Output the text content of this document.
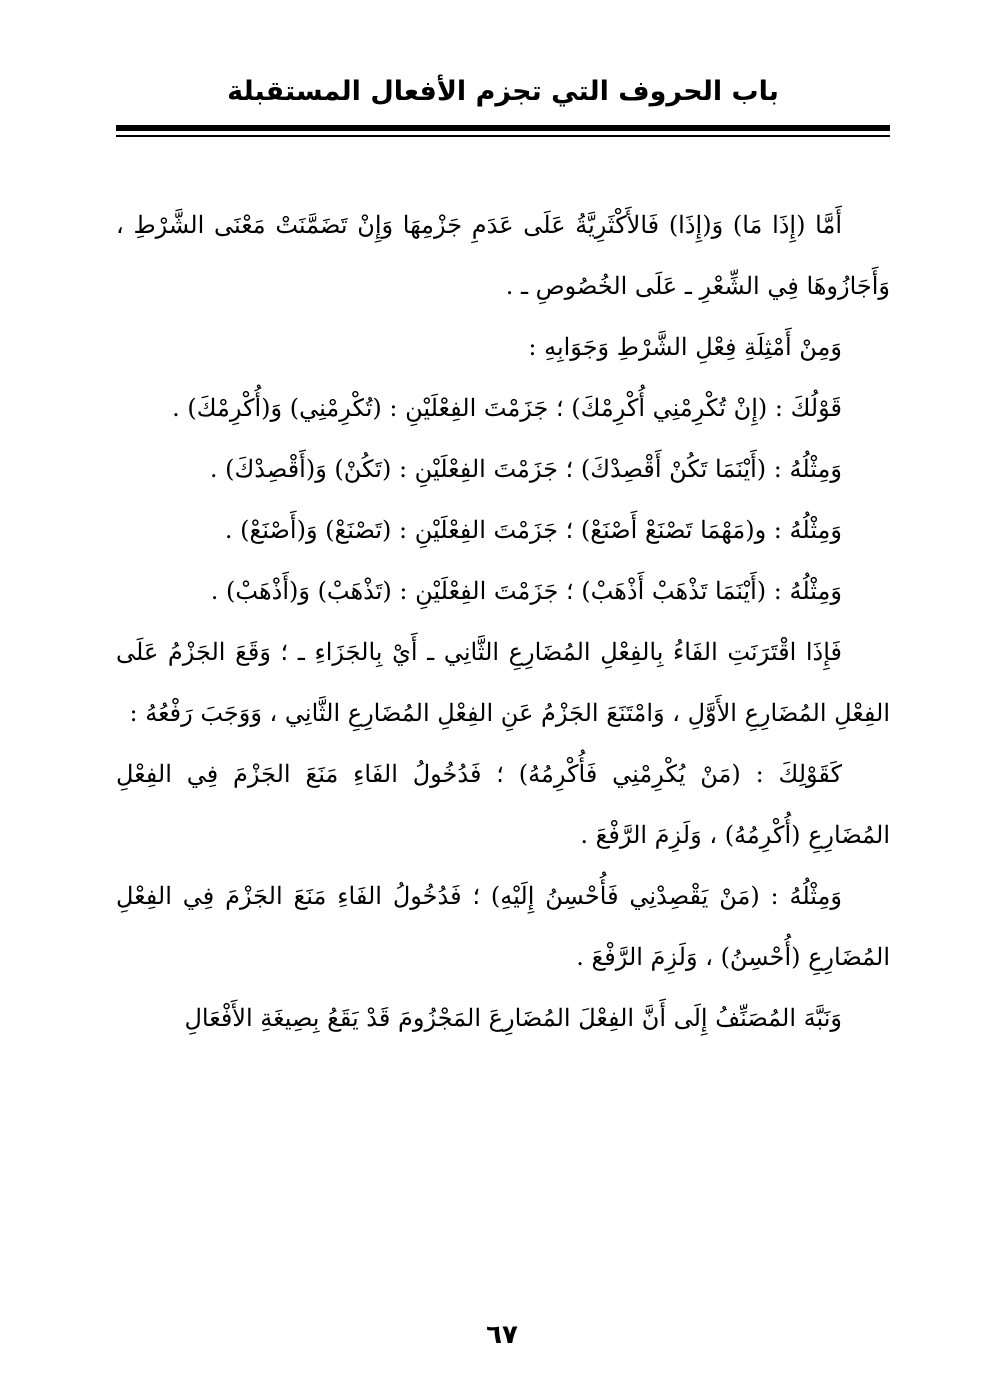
باب الحروف التي تجزم الأفعال المستقبلة

أَمَّا (إِذَا مَا) وَ(إِذَا) فَالأَكْثَرِيَّةُ عَلَى عَدَمِ جَزْمِهَا وَإِنْ تَضَمَّنَتْ مَعْنَى الشَّرْطِ ، وَأَجَازُوهَا فِي الشِّعْرِ ـ عَلَى الخُصُوصِ ـ .

وَمِنْ أَمْثِلَةِ فِعْلِ الشَّرْطِ وَجَوَابِهِ :

قَوْلُكَ : (إِنْ تُكْرِمْنِي أُكْرِمْكَ) ؛ جَزَمْتَ الفِعْلَيْنِ : (تُكْرِمْنِي) وَ(أُكْرِمْكَ) .

وَمِثْلُهُ : (أَيْنَمَا تَكُنْ أَقْصِدْكَ) ؛ جَزَمْتَ الفِعْلَيْنِ : (تَكُنْ) وَ(أَقْصِدْكَ) .

وَمِثْلُهُ : و(مَهْمَا تَصْنَعْ أَصْنَعْ) ؛ جَزَمْتَ الفِعْلَيْنِ : (تَصْنَعْ) وَ(أَصْنَعْ) .

وَمِثْلُهُ : (أَيْنَمَا تَذْهَبْ أَذْهَبْ) ؛ جَزَمْتَ الفِعْلَيْنِ : (تَذْهَبْ) وَ(أَذْهَبْ) .

فَإِذَا اقْتَرَنَتِ الفَاءُ بِالفِعْلِ المُضَارِعِ الثَّانِي ـ أَيْ بِالجَزَاءِ ـ ؛ وَقَعَ الجَزْمُ عَلَى الفِعْلِ المُضَارِعِ الأَوَّلِ ، وَامْتَنَعَ الجَزْمُ عَنِ الفِعْلِ المُضَارِعِ الثَّانِي ، وَوَجَبَ رَفْعُهُ :

كَقَوْلِكَ : (مَنْ يُكْرِمْنِي فَأُكْرِمُهُ) ؛ فَدُخُولُ الفَاءِ مَنَعَ الجَزْمَ فِي الفِعْلِ المُضَارِعِ (أُكْرِمُهُ) ، وَلَزِمَ الرَّفْعَ .

وَمِثْلُهُ : (مَنْ يَقْصِدْنِي فَأُحْسِنُ إِلَيْهِ) ؛ فَدُخُولُ الفَاءِ مَنَعَ الجَزْمَ فِي الفِعْلِ المُضَارِعِ (أُحْسِنُ) ، وَلَزِمَ الرَّفْعَ .

وَنَبَّهَ المُصَنِّفُ إِلَى أَنَّ الفِعْلَ المُضَارِعَ المَجْزُومَ قَدْ يَقَعُ بِصِيغَةِ الأَفْعَالِ

٦٧
